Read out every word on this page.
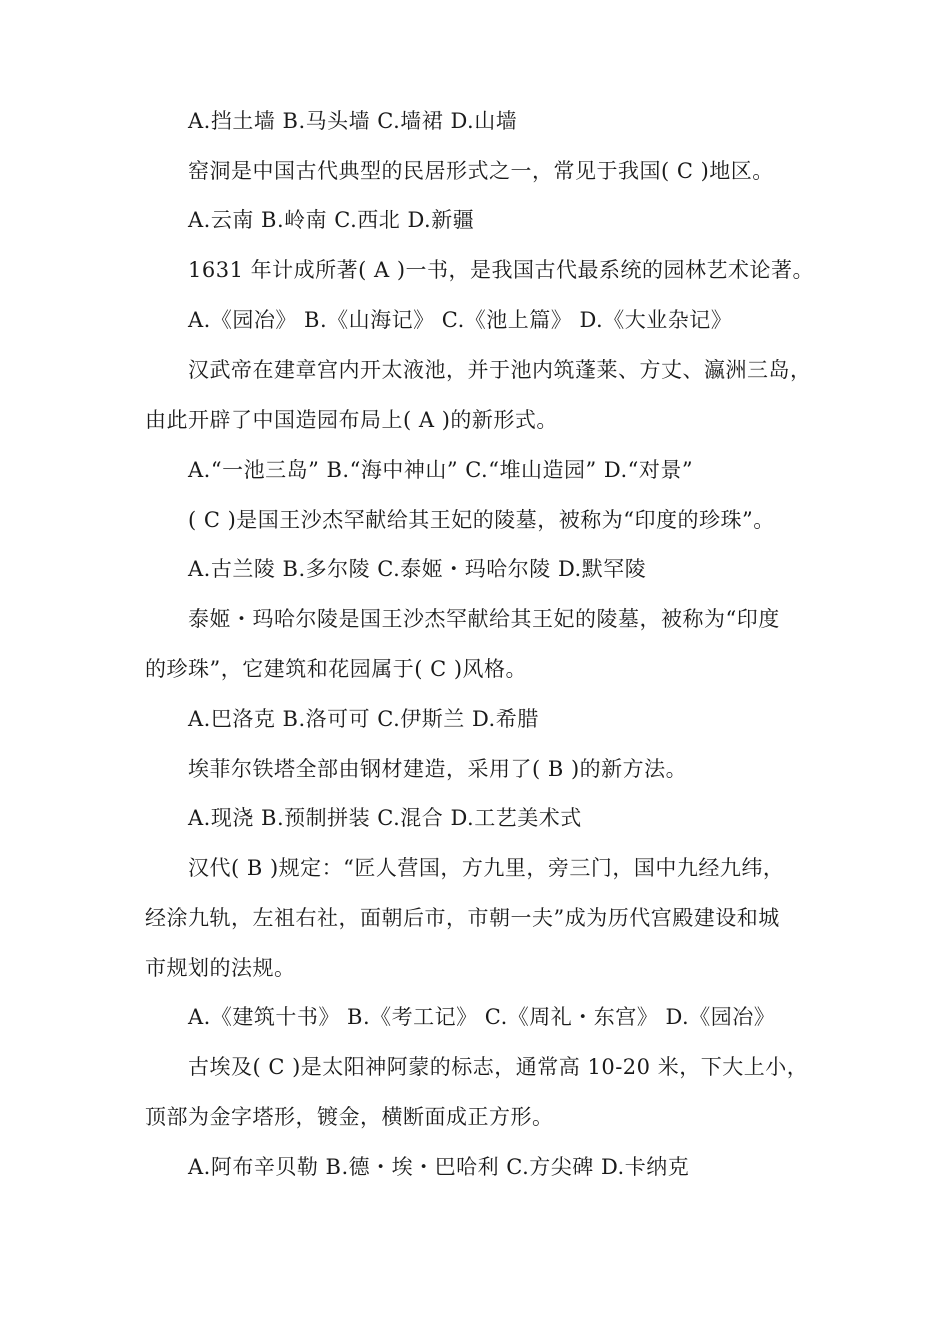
A.挡土墙 B.马头墙 C.墙裙 D.山墙
窑洞是中国古代典型的民居形式之一，常见于我国( C )地区。
A.云南 B.岭南 C.西北 D.新疆
1631 年计成所著( A )一书，是我国古代最系统的园林艺术论著。
A.《园冶》 B.《山海记》 C.《池上篇》 D.《大业杂记》
汉武帝在建章宫内开太液池，并于池内筑蓬莱、方丈、瀛洲三岛，
由此开辟了中国造园布局上( A )的新形式。
A.“一池三岛” B.“海中神山” C.“堆山造园” D.“对景”
( C )是国王沙杰罕献给其王妃的陵墓，被称为“印度的珍珠”。
A.古兰陵 B.多尔陵 C.泰姬・玛哈尔陵 D.默罕陵
泰姬・玛哈尔陵是国王沙杰罕献给其王妃的陵墓，被称为“印度
的珍珠”，它建筑和花园属于( C )风格。
A.巴洛克 B.洛可可 C.伊斯兰 D.希腊
埃菲尔铁塔全部由钢材建造，采用了( B )的新方法。
A.现浇 B.预制拼装 C.混合 D.工艺美术式
汉代( B )规定：“匠人营国，方九里，旁三门，国中九经九纬，
经涂九轨，左祖右社，面朝后市，市朝一夫”成为历代宫殿建设和城
市规划的法规。
A.《建筑十书》 B.《考工记》 C.《周礼・东宫》 D.《园冶》
古埃及( C )是太阳神阿蒙的标志，通常高 10-20 米，下大上小，
顶部为金字塔形，镀金，横断面成正方形。
A.阿布辛贝勒 B.德・埃・巴哈利 C.方尖碑 D.卡纳克
